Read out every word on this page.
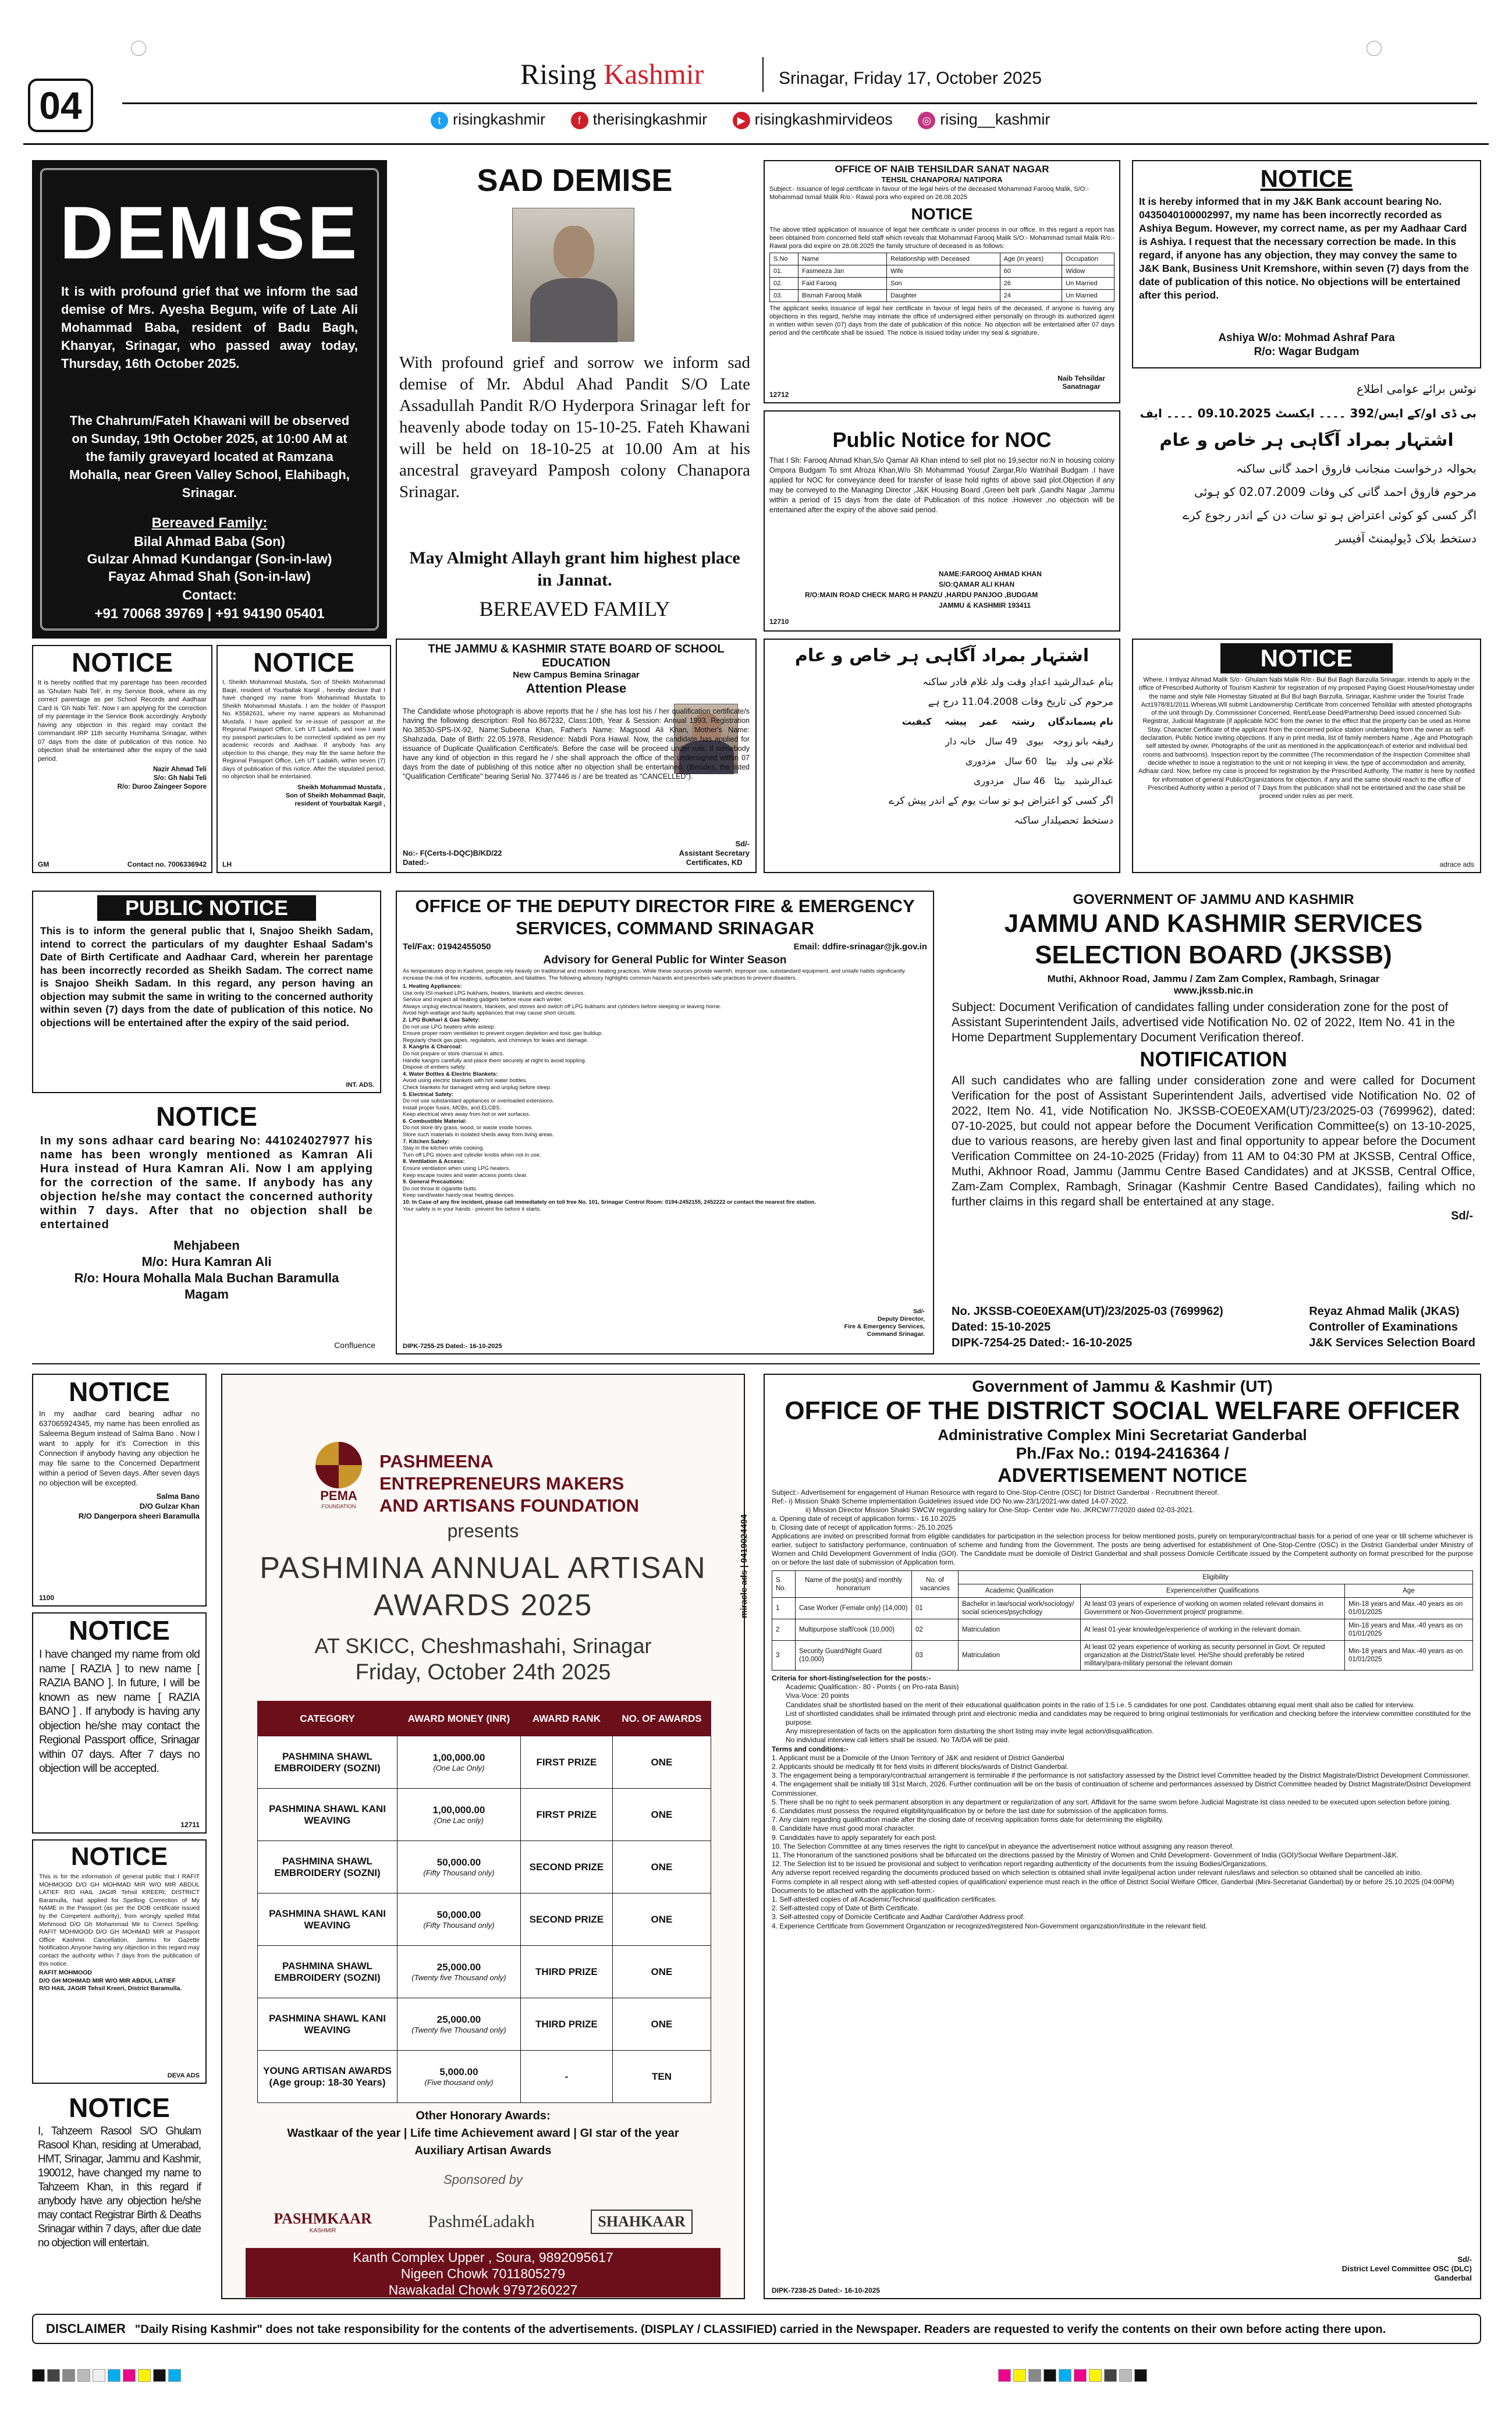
04
Rising Kashmir	Srinagar, Friday 17, October 2025
t risingkashmir	f therisingkashmir	▶ risingkashmirvideos	◎ rising__kashmir
DEMISE
It is with profound grief that we inform the sad demise of Mrs. Ayesha Begum, wife of Late Ali Mohammad Baba, resident of Badu Bagh, Khanyar, Srinagar, who passed away today, Thursday, 16th October 2025.
The Chahrum/Fateh Khawani will be observed on Sunday, 19th October 2025, at 10:00 AM at the family graveyard located at Ramzana Mohalla, near Green Valley School, Elahibagh, Srinagar.
Bereaved Family:
Bilal Ahmad Baba (Son)
Gulzar Ahmad Kundangar (Son-in-law)
Fayaz Ahmad Shah (Son-in-law)
Contact:
+91 70068 39769 | +91 94190 05401
SAD DEMISE
With profound grief and sorrow we inform sad demise of Mr. Abdul Ahad Pandit S/O Late Assadullah Pandit R/O Hyderpora Srinagar left for heavenly abode today on 15-10-25. Fateh Khawani will be held on 18-10-25 at 10.00 Am at his ancestral graveyard Pamposh colony Chanapora Srinagar.
May Almight Allayh grant him highest place in Jannat.
BEREAVED FAMILY
OFFICE OF NAIB TEHSILDAR SANAT NAGAR
TEHSIL CHANAPORA/ NATIPORA
Subject:- Issuance of legal certificate in favour of the legal heirs of the deceased Mohammad Farooq Malik, S/O:- Mohammad Ismail Malik R/o:- Rawal pora who expired on 28.08.2025
NOTICE
The above titled application of issuance of legal heir certificate is under process in our office. In this regard a report has been obtained from concerned field staff which reveals that Mohammad Farooq Malik S/O:- Mohammad Ismail Malik R/o:- Rawal pora did expire on 28.08.2025 the family structure of deceased is as follows:
S.No	Name	Relationship with Deceased	Age (in years)	Occupation
01.	Fasmeeza Jan	Wife	60	Widow
02.	Faid Farooq	Son	26	Un Married
03.	Bismah Farooq Malik	Daughter	24	Un Married
The applicant seeks issuance of legal heir certificate in favour of legal heirs of the deceased, if anyone is having any objections in this regard, he/she may intimate the office of undersigned either personally on through its authorized agent in written within seven (07) days from the date of publication of this notice. No objection will be entertained after 07 days period and the certificate shall be issued. The notice is issued today under my seal & signature.
Naib Tehsildar Sanatnagar
12712
Public Notice for NOC
That I Sh: Farooq Ahmad Khan,S/o Qamar Ali Khan intend to sell plot no 19,sector no:N in housing colony Ompora Budgam To smt Afroza Khan,W/o Sh Mohammad Yousuf Zargar,R/o Watrihail Budgam .I have applied for NOC for conveyance deed for transfer of lease hold rights of above said plot.Objection if any may be conveyed to the Managing Director ,J&K Housing Board ,Green belt park ,Gandhi Nagar ,Jammu within a period of 15 days from the date of Publication of this notice .However ,no objection will be entertained after the expiry of the above said period.
NAME:FAROOQ AHMAD KHAN
S/O:QAMAR ALI KHAN
R/O:MAIN ROAD CHECK MARG H PANZU ,HARDU PANJOO ,BUDGAM
JAMMU & KASHMIR 193411
12710
NOTICE
It is hereby informed that in my J&K Bank account bearing No. 0435040100002997, my name has been incorrectly recorded as Ashiya Begum. However, my correct name, as per my Aadhaar Card is Ashiya. I request that the necessary correction be made. In this regard, if anyone has any objection, they may convey the same to J&K Bank, Business Unit Kremshore, within seven (7) days from the date of publication of this notice. No objections will be entertained after this period.
Ashiya W/o: Mohmad Ashraf Para
R/o: Wagar Budgam
نوٹس برائے عوامی اطلاع
بی ڈی او/کے ایس/392 ۔۔۔۔ ایکسٹ 09.10.2025 ۔۔۔۔ ایف
اشتہار بمراد آگاہی ہر خاص و عام
بحوالہ درخواست منجانب فاروق احمد گانی ساکنہ
مرحوم فاروق احمد گانی کی وفات 02.07.2009 کو ہوئی
اگر کسی کو کوئی اعتراض ہو تو سات دن کے اندر رجوع کرے
دستخط بلاک ڈیولپمنٹ آفیسر
NOTICE
It is hereby notified that my parentage has been recorded as 'Ghulam Nabi Teli', in my Service Book, where as my correct parentage as per School Records and Aadhaar Card is 'Gh Nabi Teli'. Now I am applying for the correction of my parentage in the Service Book accordingly. Anybody having any objection in this regard may contact the commandant IRP 11th security Humhama Srinagar, within 07 days from the date of publication of this notice. No objection shall be entertained after the expiry of the said period.
Nazir Ahmad Teli
S/o: Gh Nabi Teli
R/o: Duroo Zaingeer Sopore
GM	Contact no. 7006336942
NOTICE
I, Sheikh Mohammad Mustafa, Son of Sheikh Mohammad Baqir, resident of Yourbaltak Kargil , hereby declare that I have changed my name from Mohammad Mustafa to Sheikh Mohammad Mustafa. I am the holder of Passport No. K5582631, where my name appears as Mohammad Mustafa. I have applied for re-issue of passport at the Regional Passport Office, Leh UT Ladakh, and now I want my passport particulars to be corrected/ updated as per my academic records and Aadhaar. If anybody has any objection to this change, they may file the same before the Regional Passport Office, Leh UT Ladakh, within seven (7) days of publication of this notice. After the stipulated period, no objection shall be entertained.
Sheikh Mohammad Mustafa ,
Son of Sheikh Mohammad Baqir,
resident of Yourbaltak Kargil ,
LH
THE JAMMU & KASHMIR STATE BOARD OF SCHOOL EDUCATION
New Campus Bemina Srinagar
Attention Please
The Candidate whose photograph is above reports that he / she has lost his / her qualification certificate/s having the following description: Roll No.867232, Class:10th, Year & Session: Annual 1993, Registration No.38530-SPS-IX-92, Name:Subeena Khan, Father's Name: Magsood Ali Khan, Mother's Name: Shahzada, Date of Birth: 22.05.1978, Residence: Nabdi Pora Hawal. Now, the candidate has applied for issuance of Duplicate Qualification Certificate/s. Before the case will be proceed under rule, if somebody have any kind of objection in this regard he / she shall approach the office of the undersigned within 07 days from the date of publishing of this notice after no objection shall be entertained. (Besides, the listed "Qualification Certificate" bearing Serial No. 377446 is / are be treated as "CANCELLED").
No:- F(Certs-I-DQC)B/KD/22
Dated:-
Sd/-
Assistant Secretary
Certificates, KD
اشتہار بمراد آگاہی ہر خاص و عام
بنام عبدالرشید اعدادِ وقت ولد غلام قادر ساکنہ
مرحوم کی تاریخ وفات 11.04.2008 درج ہے
نام پسماندگان    رشتہ    عمر    پیشہ    کیفیت
رفیقہ بانو زوجہ   بیوی   49 سال   خانہ دار
غلام نبی ولد   بیٹا   60 سال   مزدوری
عبدالرشید   بیٹا   46 سال   مزدوری
اگر کسی کو اعتراض ہو تو سات یوم کے اندر پیش کرے
دستخط تحصیلدار ساکنہ
NOTICE
Where, I Imtiyaz Ahmad Malik S/o:- Ghulam Nabi Malik R/o:- Bul Bul Bagh Barzulla Srinagar, intends to apply in the office of Prescribed Authority of Tourism Kashmir for registration of my proposed Paying Guest House/Homestay under the name and style Nile Homestay Situated at Bul Bul bagh Barzulla, Srinagar, Kashmir under the Tourist Trade Act1978/81/2011.Whereas,Wll submit Landownership Certificate from concerned Tehsildar with attested photographs of the unit through Dy. Commissioner Concerned, Rent/Lease Deed/Partnership Deed issued concerned Sub-Registrar, Judicial Magistrate (if applicable NOC from the owner to the effect that the property can be used as Home Stay. Character Certificate of the applicant from the concerned police station undertaking from the owner as self-declaration, Public Notice inviting objections. If any in print media, list of family members Name , Age and Photograph self attested by owner, Photographs of the unit as mentioned in the application(each of exterior and individual bed rooms and bathrooms). Inspection report by the committee (The recommendation of the Inspection Committee shall decide whether to issue a registration to the unit or not keeping in view, the type of accommodation and amenity, Adhaar card. Now, before my case is proceed for registration by the Prescribed Authority. The matter is here by notified for information of general Public/Organizations for objection, if any and the same should reach to the office of Prescribed Authority within a period of 7 Days from the publication shall not be entertained and the case shall be proceed under rules as per merit.
adrace ads
PUBLIC NOTICE
This is to inform the general public that I, Snajoo Sheikh Sadam, intend to correct the particulars of my daughter Eshaal Sadam's Date of Birth Certificate and Aadhaar Card, wherein her parentage has been incorrectly recorded as Sheikh Sadam. The correct name is Snajoo Sheikh Sadam. In this regard, any person having an objection may submit the same in writing to the concerned authority within seven (7) days from the date of publication of this notice. No objections will be entertained after the expiry of the said period.
INT. ADS.
NOTICE
In my sons adhaar card bearing No: 441024027977 his name has been wrongly mentioned as Kamran Ali Hura instead of Hura Kamran Ali. Now I am applying for the correction of the same. If anybody has any objection he/she may contact the concerned authority within 7 days. After that no objection shall be entertained
Mehjabeen
M/o: Hura Kamran Ali
R/o: Houra Mohalla Mala Buchan Baramulla
Magam
Confluence
OFFICE OF THE DEPUTY DIRECTOR FIRE & EMERGENCY SERVICES, COMMAND SRINAGAR
Tel/Fax: 01942455050	Email: ddfire-srinagar@jk.gov.in
Advisory for General Public for Winter Season
As temperatures drop in Kashmir, people rely heavily on traditional and modern heating practices. While these sources provide warmth, improper use, substandard equipment, and unsafe habits significantly increase the risk of fire incidents, suffocation, and fatalities. The following advisory highlights common hazards and prescribes safe practices to prevent disasters.
1. Heating Appliances:
Use only ISI-marked LPG bukharis, heaters, blankets and electric devices.
Service and inspect all heating gadgets before reuse each winter.
Always unplug electrical heaters, blankets, and stoves and switch off LPG bukharis and cylinders before sleeping or leaving home.
Avoid high-wattage and faulty appliances that may cause short circuits.
2. LPG Bukhari & Gas Safety:
Do not use LPG heaters while asleep.
Ensure proper room ventilation to prevent oxygen depletion and toxic gas buildup.
Regularly check gas pipes, regulators, and chimneys for leaks and damage.
3. Kangris & Charcoal:
Do not prepare or store charcoal in attics.
Handle kangris carefully and place them securely at night to avoid toppling.
Dispose of embers safely.
4. Water Bottles & Electric Blankets:
Avoid using electric blankets with hot water bottles.
Check blankets for damaged wiring and unplug before sleep.
5. Electrical Safety:
Do not use substandard appliances or overloaded extensions.
Install proper fuses, MCBs, and ELCBS.
Keep electrical wires away from hot or wet surfaces.
6. Combustible Material:
Do not store dry grass, wood, or waste inside homes.
Store such materials in isolated sheds away from living areas.
7. Kitchen Safety:
Stay in the kitchen while cooking.
Turn off LPG stoves and cylinder knobs when not in use.
8. Ventilation & Access:
Ensure ventilation when using LPG heaters.
Keep escape routes and water access points clear.
9. General Precautions:
Do not throw lit cigarette butts.
Keep sand/water handy near heating devices.
10. In Case of any fire incident, please call immediately on toll free No. 101, Srinagar Control Room: 0194-2452155, 2452222 or contact the nearest fire station.
Your safety is in your hands - prevent fire before it starts.
Sd/-
Deputy Director,
Fire & Emergency Services,
Command Srinagar.
DIPK-7255-25 Dated:- 16-10-2025
GOVERNMENT OF JAMMU AND KASHMIR
JAMMU AND KASHMIR SERVICES SELECTION BOARD (JKSSB)
Muthi, Akhnoor Road, Jammu / Zam Zam Complex, Rambagh, Srinagar
www.jkssb.nic.in
Subject: Document Verification of candidates falling under consideration zone for the post of Assistant Superintendent Jails, advertised vide Notification No. 02 of 2022, Item No. 41 in the Home Department Supplementary Document Verification thereof.
NOTIFICATION
All such candidates who are falling under consideration zone and were called for Document Verification for the post of Assistant Superintendent Jails, advertised vide Notification No. 02 of 2022, Item No. 41, vide Notification No. JKSSB-COE0EXAM(UT)/23/2025-03 (7699962), dated: 07-10-2025, but could not appear before the Document Verification Committee(s) on 13-10-2025, due to various reasons, are hereby given last and final opportunity to appear before the Document Verification Committee on 24-10-2025 (Friday) from 11 AM to 04:30 PM at JKSSB, Central Office, Muthi, Akhnoor Road, Jammu (Jammu Centre Based Candidates) and at JKSSB, Central Office, Zam-Zam Complex, Rambagh, Srinagar (Kashmir Centre Based Candidates), failing which no further claims in this regard shall be entertained at any stage.
Sd/-
No. JKSSB-COE0EXAM(UT)/23/2025-03 (7699962)
Dated: 15-10-2025
DIPK-7254-25 Dated:- 16-10-2025
Reyaz Ahmad Malik (JKAS)
Controller of Examinations
J&K Services Selection Board
NOTICE
In my aadhar card bearing adhar no 637065924345, my name has been enrolled as Saleema Begum instead of Salma Bano . Now I want to apply for it's Correction in this Connection if anybody having any objection he may file same to the Concerned Department within a period of Seven days. After seven days no objection will be excepted.
Salma Bano
D/O Gulzar Khan
R/O Dangerpora sheeri Baramulla
1100
NOTICE
I have changed my name from old name [ RAZIA ] to new name [ RAZIA BANO ]. In future, I will be known as new name [ RAZIA BANO ] . If anybody is having any objection he/she may contact the Regional Passport office, Srinagar within 07 days. After 7 days no objection will be accepted.
12711
NOTICE
This is for the information of general public that I RAFIT MOHMOOD D/O GH MOHMAD MIR W/O MIR ABDUL LATIEF R/O HAIL JAGIR Tehsil KREERI, DISTRICT Baramulla, had applied for Spelling Correction of My NAME in the Passport (as per the DOB certificate issued by the Competent authority), from wrongly spelled Rifat Mehmood D/O Gh Mohammad Mir to Correct Spelling: RAFIT MOHMOOD D/O GH MOHMAD MIR at Passport Office Kashmir. Cancellation, Jammu for Gazette Notification.Anyone having any objection in this regard may contact the authority within 7 days from the publication of this notice.
RAFIT MOHMOOD
D/O GH MOHMAD MIR W/O MIR ABDUL LATIEF
R/O HAIL JAGIR Tehsil Kreeri, District Baramulla.
DEVA ADS
NOTICE
I, Tahzeem Rasool S/O Ghulam Rasool Khan, residing at Umerabad, HMT, Srinagar, Jammu and Kashmir, 190012, have changed my name to Tahzeem Khan, in this regard if anybody have any objection he/she may contact Registrar Birth & Deaths Srinagar within 7 days, after due date no objection will entertain.
PEMA
FOUNDATION
PASHMEENA ENTREPRENEURS MAKERS AND ARTISANS FOUNDATION
presents
PASHMINA ANNUAL ARTISAN AWARDS 2025
AT SKICC, Cheshmashahi, Srinagar
Friday, October 24th 2025
CATEGORY	AWARD MONEY (INR)	AWARD RANK	NO. OF AWARDS
PASHMINA SHAWL EMBROIDERY (SOZNI)	1,00,000.00
(One Lac Only)	FIRST PRIZE	ONE
PASHMINA SHAWL KANI WEAVING	1,00,000.00
(One Lac only)	FIRST PRIZE	ONE
PASHMINA SHAWL EMBROIDERY (SOZNI)	50,000.00
(Fifty Thousand only)	SECOND PRIZE	ONE
PASHMINA SHAWL KANI WEAVING	50,000.00
(Fifty Thousand only)	SECOND PRIZE	ONE
PASHMINA SHAWL EMBROIDERY (SOZNI)	25,000.00
(Twenty five Thousand only)	THIRD PRIZE	ONE
PASHMINA SHAWL KANI WEAVING	25,000.00
(Twenty five Thousand only)	THIRD PRIZE	ONE
YOUNG ARTISAN AWARDS (Age group: 18-30 Years)	5,000.00
(Five thousand only)	-	TEN
Other Honorary Awards:
Wastkaar of the year | Life time Achievement award | GI star of the year
Auxiliary Artisan Awards
Sponsored by
PASHMKAAR
KASHMIR	PashméLadakh	SHAHKAAR
Kanth Complex Upper , Soura, 9892095617
Nigeen Chowk 7011805279
Nawakadal Chowk 9797260227
miracle ads | 9419024494
Government of Jammu & Kashmir (UT)
OFFICE OF THE DISTRICT SOCIAL WELFARE OFFICER
Administrative Complex Mini Secretariat Ganderbal
Ph./Fax No.: 0194-2416364 /
ADVERTISEMENT NOTICE
Subject:- Advertisement for engagement of Human Resource with regard to One-Stop-Centre (OSC) for District Ganderbal - Recruitment thereof.
Ref:- i) Mission Shakti Scheme implementation Guidelines issued vide DO No.ww-23/1/2021-ww dated 14-07-2022.
ii) Mission Director Mission Shakti SWCW regarding salary for One-Stop- Center vide No. JKRCW/77/2020 dated 02-03-2021.
a. Opening date of receipt of application forms:- 16.10.2025
b. Closing date of receipt of application forms:- 25.10.2025
Applications are invited on prescribed format from eligible candidates for participation in the selection process for below mentioned posts, purely on temporary/contractual basis for a period of one year or till scheme whichever is earlier, subject to satisfactory performance, continuation of scheme and funding from the Government. The posts are being advertised for establishment of One-Stop-Centre (OSC) in the District Ganderbal under Ministry of Women and Child Development Government of India (GOI). The Candidate must be domicile of District Ganderbal and shall possess Domicile Certificate issued by the Competent authority on format prescribed for the purpose on or before the last date of submission of Application form.
S. No.	Name of the post(s) and monthly honorarium	No. of vacancies	Eligibility		
			Academic Qualification	Experience/other Qualifications	Age
1	Case Worker (Female only) (14,000)	01	Bachelor in law/social work/sociology/ social sciences/psychology	At least 03 years of experience of working on women related relevant domains in Government or Non-Government project/ programme.	Min-18 years and Max.-40 years as on 01/01/2025
2	Multipurpose staff/cook (10,000)	02	Matriculation	At least 01-year knowledge/experience of working in the relevant domain.	Min-18 years and Max.-40 years as on 01/01/2025
3	Security Guard/Night Guard (10,000)	03	Matriculation	At least 02 years experience of working as security personnel in Govt. Or reputed organization at the District/State level. He/She should preferably be retired military/para-military personal the relevant domain	Min-18 years and Max.-40 years as on 01/01/2025
Criteria for short-listing/selection for the posts:-
Academic Qualification:- 80 - Points ( on Pro-rata Basis)
Viva-Voce: 20 points
Candidates shall be shortlisted based on the merit of their educational qualification points in the ratio of 1:5 i.e. 5 candidates for one post. Candidates obtaining equal merit shall also be called for interview.
List of shortlisted candidates shall be intimated through print and electronic media and candidates may be required to bring original testimonials for verification and checking before the interview committee constituted for the purpose.
Any misrepresentation of facts on the application form disturbing the short listing may invite legal action/disqualification.
No individual interview call letters shall be issued. No TA/DA will be paid.
Terms and conditions:-
1. Applicant must be a Domicile of the Union Territory of J&K and resident of District Ganderbal
2. Applicants should be medically fit for field visits in different blocks/wards of District Ganderbal.
3. The engagement being a temporary/contractual arrangement is terminable if the performance is not satisfactory assessed by the District level Committee headed by the District Magistrate/District Development Commissioner.
4. The engagement shall be initially till 31st March, 2026. Further continuation will be on the basis of continuation of scheme and performances assessed by District Committee headed by District Magistrate/District Development Commissioner.
5. There shall be no right to seek permanent absorption in any department or regularization of any sort. Affidavit for the same swom before Judicial Magistrate Ist class needed to be executed upon selection before joining.
6. Candidates must possess the required eligibility/qualification by or before the last date for submission of the application forms.
7. Any claim regarding qualification made after the closing date of receiving application forms date for determining the eligibility.
8. Candidate have must good moral character.
9. Candidates have to apply separately for each post.
10. The Selection Committee at any times reserves the right to cancel/put in abeyance the advertisement notice without assigning any reason thereof.
11. The Honorarium of the sanctioned positions shall be bifurcated on the directions passed by the Ministry of Women and Child Development- Government of India (GOI)/Social Welfare Department-J&K.
12. The Selection list to be issued be provisional and subject to verification report regarding authenticity of the documents from the issuing Bodies/Organizations.
Any adverse report received regarding the documents produced based on which selection is obtained shall invite legal/penal action under relevant rules/laws and selection so obtained shall be cancelled ab initio.
Forms complete in all respect along with self-attested copies of qualification/ experience must reach in the office of District Social Welfare Officer, Ganderbal (Mini-Secretariat Ganderbal) by or before 25.10.2025 (04:00PM)
Documents to be attached with the application form:-
1. Self-attested copies of all Academic/Technical qualification certificates.
2. Self-attested copy of Date of Birth Certificate.
3. Self-attested copy of Domicile Certificate and Aadhar Card/other Address proof.
4. Experience Certificate from Government Organization or recognized/registered Non-Government organization/Institute in the relevant field.
Sd/-
District Level Committee OSC (DLC)
Ganderbal
DIPK-7238-25 Dated:- 16-10-2025
DISCLAIMER "Daily Rising Kashmir" does not take responsibility for the contents of the advertisements. (DISPLAY / CLASSIFIED) carried in the Newspaper. Readers are requested to verify the contents on their own before acting there upon.
